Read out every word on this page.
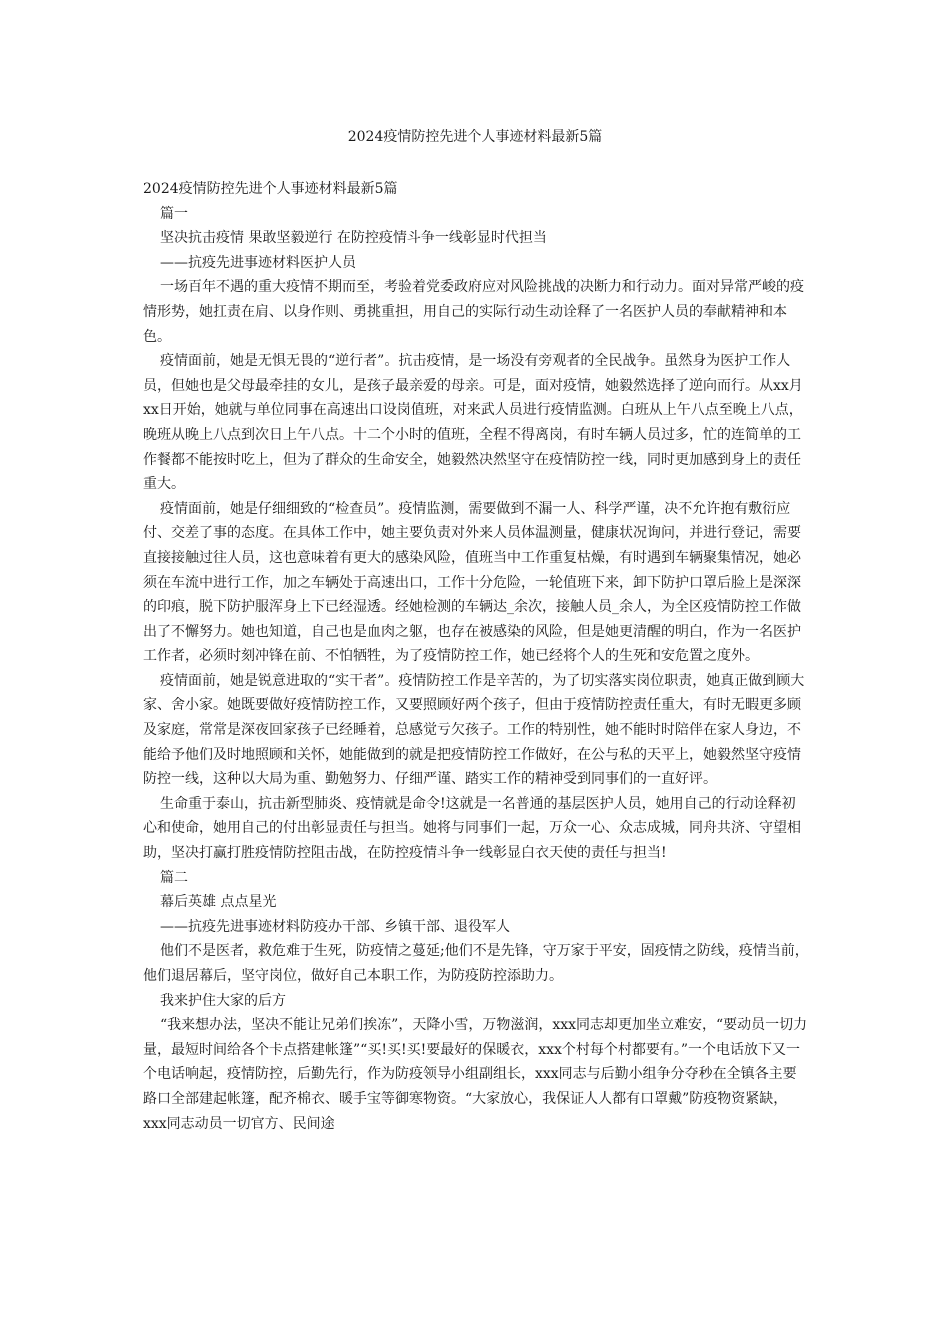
2024疫情防控先进个人事迹材料最新5篇

2024疫情防控先进个人事迹材料最新5篇

篇一

坚决抗击疫情 果敢坚毅逆行 在防控疫情斗争一线彰显时代担当

——抗疫先进事迹材料医护人员

一场百年不遇的重大疫情不期而至，考验着党委政府应对风险挑战的决断力和行动力。面对异常严峻的疫情形势，她扛责在肩、以身作则、勇挑重担，用自己的实际行动生动诠释了一名医护人员的奉献精神和本色。

疫情面前，她是无惧无畏的“逆行者”。抗击疫情，是一场没有旁观者的全民战争。虽然身为医护工作人员，但她也是父母最牵挂的女儿，是孩子最亲爱的母亲。可是，面对疫情，她毅然选择了逆向而行。从xx月xx日开始，她就与单位同事在高速出口设岗值班，对来武人员进行疫情监测。白班从上午八点至晚上八点，晚班从晚上八点到次日上午八点。十二个小时的值班，全程不得离岗，有时车辆人员过多，忙的连简单的工作餐都不能按时吃上，但为了群众的生命安全，她毅然决然坚守在疫情防控一线，同时更加感到身上的责任重大。

疫情面前，她是仔细细致的“检查员”。疫情监测，需要做到不漏一人、科学严谨，决不允许抱有敷衍应付、交差了事的态度。在具体工作中，她主要负责对外来人员体温测量，健康状况询问，并进行登记，需要直接接触过往人员，这也意味着有更大的感染风险，值班当中工作重复枯燥，有时遇到车辆聚集情况，她必须在车流中进行工作，加之车辆处于高速出口，工作十分危险，一轮值班下来，卸下防护口罩后脸上是深深的印痕，脱下防护服浑身上下已经湿透。经她检测的车辆达_余次，接触人员_余人，为全区疫情防控工作做出了不懈努力。她也知道，自己也是血肉之躯，也存在被感染的风险，但是她更清醒的明白，作为一名医护工作者，必须时刻冲锋在前、不怕牺牲，为了疫情防控工作，她已经将个人的生死和安危置之度外。

疫情面前，她是锐意进取的“实干者”。疫情防控工作是辛苦的，为了切实落实岗位职责，她真正做到顾大家、舍小家。她既要做好疫情防控工作，又要照顾好两个孩子，但由于疫情防控责任重大，有时无暇更多顾及家庭，常常是深夜回家孩子已经睡着，总感觉亏欠孩子。工作的特别性，她不能时时陪伴在家人身边，不能给予他们及时地照顾和关怀，她能做到的就是把疫情防控工作做好，在公与私的天平上，她毅然坚守疫情防控一线，这种以大局为重、勤勉努力、仔细严谨、踏实工作的精神受到同事们的一直好评。

生命重于泰山，抗击新型肺炎、疫情就是命令!这就是一名普通的基层医护人员，她用自己的行动诠释初心和使命，她用自己的付出彰显责任与担当。她将与同事们一起，万众一心、众志成城，同舟共济、守望相助，坚决打赢打胜疫情防控阻击战，在防控疫情斗争一线彰显白衣天使的责任与担当!

篇二

幕后英雄 点点星光

——抗疫先进事迹材料防疫办干部、乡镇干部、退役军人

他们不是医者，救危难于生死，防疫情之蔓延;他们不是先锋，守万家于平安，固疫情之防线，疫情当前，他们退居幕后，坚守岗位，做好自己本职工作，为防疫防控添助力。

我来护住大家的后方

“我来想办法，坚决不能让兄弟们挨冻”，天降小雪，万物滋润，xxx同志却更加坐立难安，“要动员一切力量，最短时间给各个卡点搭建帐篷”“买!买!买!要最好的保暖衣，xxx个村每个村都要有。”一个电话放下又一个电话响起，疫情防控，后勤先行，作为防疫领导小组副组长，xxx同志与后勤小组争分夺秒在全镇各主要路口全部建起帐篷，配齐棉衣、暖手宝等御寒物资。“大家放心，我保证人人都有口罩戴”防疫物资紧缺，xxx同志动员一切官方、民间途
